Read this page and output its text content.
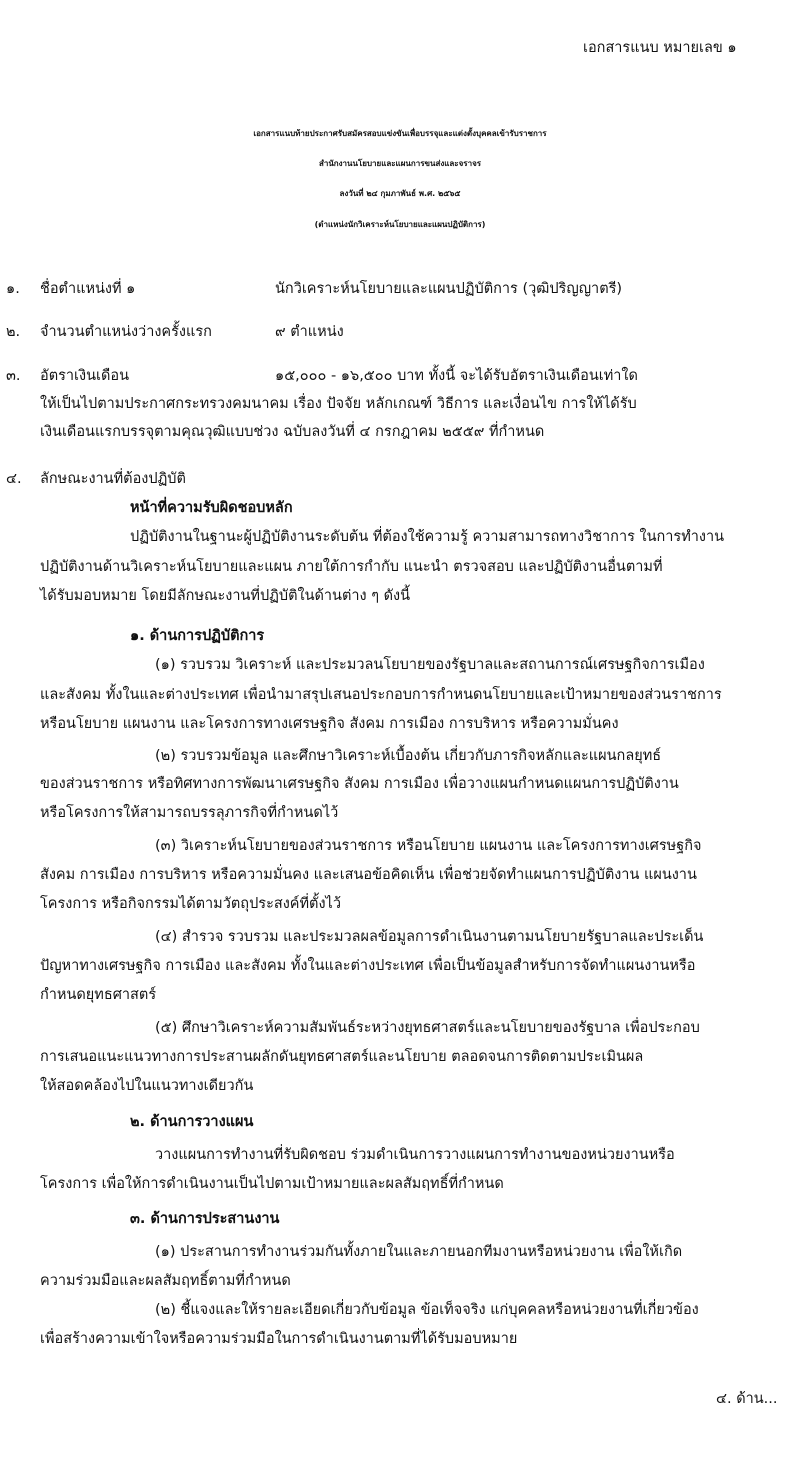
เอกสารแนบ หมายเลข ๑
เอกสารแนบท้ายประกาศรับสมัครสอบแข่งขันเพื่อบรรจุและแต่งตั้งบุคคลเข้ารับราชการ
สำนักงานนโยบายและแผนการขนส่งและจราจร
ลงวันที่ ๒๔ กุมภาพันธ์ พ.ศ. ๒๕๖๕
(ตำแหน่งนักวิเคราะห์นโยบายและแผนปฏิบัติการ)
๑. ชื่อตำแหน่งที่ ๑	นักวิเคราะห์นโยบายและแผนปฏิบัติการ (วุฒิปริญญาตรี)
๒. จำนวนตำแหน่งว่างครั้งแรก	๙ ตำแหน่ง
๓. อัตราเงินเดือน	๑๕,๐๐๐ - ๑๖,๕๐๐ บาท ทั้งนี้ จะได้รับอัตราเงินเดือนเท่าใด
ให้เป็นไปตามประกาศกระทรวงคมนาคม เรื่อง ปัจจัย หลักเกณฑ์ วิธีการ และเงื่อนไข การให้ได้รับ
เงินเดือนแรกบรรจุตามคุณวุฒิแบบช่วง ฉบับลงวันที่ ๔ กรกฎาคม ๒๕๕๙ ที่กำหนด
๔. ลักษณะงานที่ต้องปฏิบัติ
หน้าที่ความรับผิดชอบหลัก
ปฏิบัติงานในฐานะผู้ปฏิบัติงานระดับต้น ที่ต้องใช้ความรู้ ความสามารถทางวิชาการ ในการทำงาน
ปฏิบัติงานด้านวิเคราะห์นโยบายและแผน ภายใต้การกำกับ แนะนำ ตรวจสอบ และปฏิบัติงานอื่นตามที่
ได้รับมอบหมาย โดยมีลักษณะงานที่ปฏิบัติในด้านต่าง ๆ ดังนี้
๑. ด้านการปฏิบัติการ
(๑) รวบรวม วิเคราะห์ และประมวลนโยบายของรัฐบาลและสถานการณ์เศรษฐกิจการเมือง
และสังคม ทั้งในและต่างประเทศ เพื่อนำมาสรุปเสนอประกอบการกำหนดนโยบายและเป้าหมายของส่วนราชการ
หรือนโยบาย แผนงาน และโครงการทางเศรษฐกิจ สังคม การเมือง การบริหาร หรือความมั่นคง
(๒) รวบรวมข้อมูล และศึกษาวิเคราะห์เบื้องต้น เกี่ยวกับภารกิจหลักและแผนกลยุทธ์
ของส่วนราชการ หรือทิศทางการพัฒนาเศรษฐกิจ สังคม การเมือง เพื่อวางแผนกำหนดแผนการปฏิบัติงาน
หรือโครงการให้สามารถบรรลุภารกิจที่กำหนดไว้
(๓) วิเคราะห์นโยบายของส่วนราชการ หรือนโยบาย แผนงาน และโครงการทางเศรษฐกิจ
สังคม การเมือง การบริหาร หรือความมั่นคง และเสนอข้อคิดเห็น เพื่อช่วยจัดทำแผนการปฏิบัติงาน แผนงาน
โครงการ หรือกิจกรรมได้ตามวัตถุประสงค์ที่ตั้งไว้
(๔) สำรวจ รวบรวม และประมวลผลข้อมูลการดำเนินงานตามนโยบายรัฐบาลและประเด็น
ปัญหาทางเศรษฐกิจ การเมือง และสังคม ทั้งในและต่างประเทศ เพื่อเป็นข้อมูลสำหรับการจัดทำแผนงานหรือ
กำหนดยุทธศาสตร์
(๕) ศึกษาวิเคราะห์ความสัมพันธ์ระหว่างยุทธศาสตร์และนโยบายของรัฐบาล เพื่อประกอบ
การเสนอแนะแนวทางการประสานผลักดันยุทธศาสตร์และนโยบาย ตลอดจนการติดตามประเมินผล
ให้สอดคล้องไปในแนวทางเดียวกัน
๒. ด้านการวางแผน
วางแผนการทำงานที่รับผิดชอบ ร่วมดำเนินการวางแผนการทำงานของหน่วยงานหรือ
โครงการ เพื่อให้การดำเนินงานเป็นไปตามเป้าหมายและผลสัมฤทธิ์ที่กำหนด
๓. ด้านการประสานงาน
(๑) ประสานการทำงานร่วมกันทั้งภายในและภายนอกทีมงานหรือหน่วยงาน เพื่อให้เกิด
ความร่วมมือและผลสัมฤทธิ์ตามที่กำหนด
(๒) ชี้แจงและให้รายละเอียดเกี่ยวกับข้อมูล ข้อเท็จจริง แก่บุคคลหรือหน่วยงานที่เกี่ยวข้อง
เพื่อสร้างความเข้าใจหรือความร่วมมือในการดำเนินงานตามที่ได้รับมอบหมาย
๔. ด้าน...
